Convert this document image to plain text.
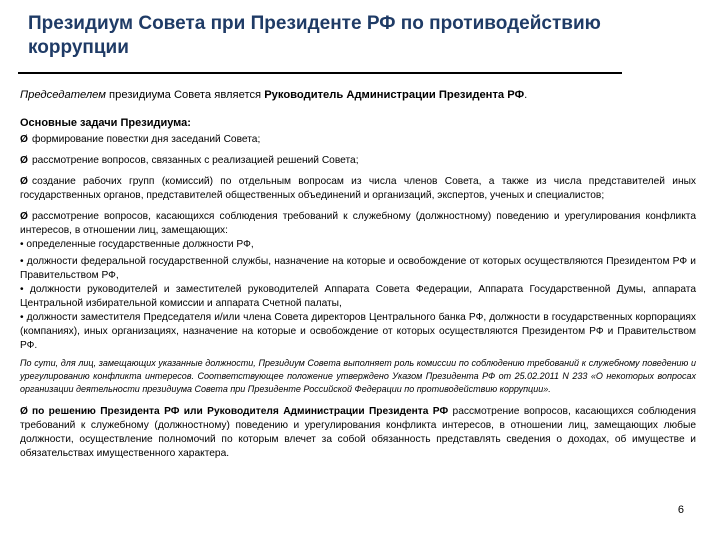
Президиум Совета при Президенте РФ по противодействию коррупции

Председателем президиума Совета является Руководитель Администрации Президента РФ.

Основные задачи Президиума:

Ø формирование повестки дня заседаний Совета;

Ø рассмотрение вопросов, связанных с реализацией решений Совета;

Ø создание рабочих групп (комиссий) по отдельным вопросам из числа членов Совета, а также из числа представителей иных государственных органов, представителей общественных объединений и организаций, экспертов, ученых и специалистов;

Ø рассмотрение вопросов, касающихся соблюдения требований к служебному (должностному) поведению и урегулирования конфликта интересов, в отношении лиц, замещающих:

• определенные государственные должности РФ,

• должности федеральной государственной службы, назначение на которые и освобождение от которых осуществляются Президентом РФ и Правительством РФ,

• должности руководителей и заместителей руководителей Аппарата Совета Федерации, Аппарата Государственной Думы, аппарата Центральной избирательной комиссии и аппарата Счетной палаты,

• должности заместителя Председателя и/или члена Совета директоров Центрального банка РФ, должности в государственных корпорациях (компаниях), иных организациях, назначение на которые и освобождение от которых осуществляются Президентом РФ и Правительством РФ.

По сути, для лиц, замещающих указанные должности, Президиум Совета выполняет роль комиссии по соблюдению требований к служебному поведению и урегулированию конфликта интересов. Соответствующее положение утверждено Указом Президента РФ от 25.02.2011 N 233 «О некоторых вопросах организации деятельности президиума Совета при Президенте Российской Федерации по противодействию коррупции».

Ø по решению Президента РФ или Руководителя Администрации Президента РФ рассмотрение вопросов, касающихся соблюдения требований к служебному (должностному) поведению и урегулирования конфликта интересов, в отношении лиц, замещающих любые должности, осуществление полномочий по которым влечет за собой обязанность представлять сведения о доходах, об имуществе и обязательствах имущественного характера.

6
